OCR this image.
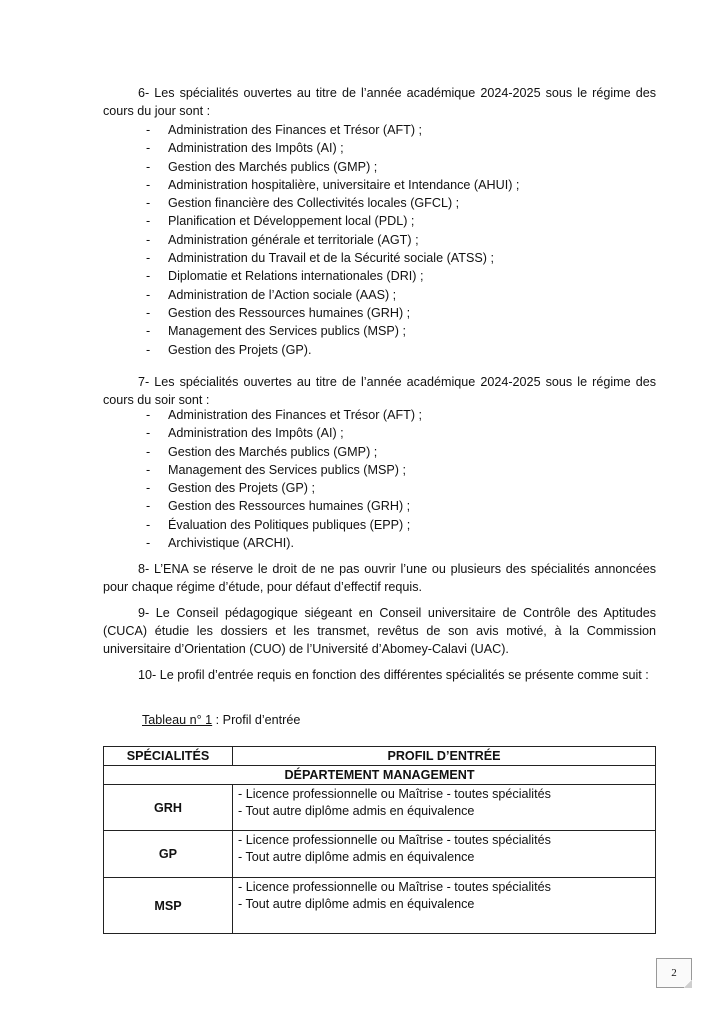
6- Les spécialités ouvertes au titre de l’année académique 2024-2025 sous le régime des cours du jour sont :

- Administration des Finances et Trésor (AFT) ;
- Administration des Impôts (AI) ;
- Gestion des Marchés publics (GMP) ;
- Administration hospitalière, universitaire et Intendance (AHUI) ;
- Gestion financière des Collectivités locales (GFCL) ;
- Planification et Développement local (PDL) ;
- Administration générale et territoriale (AGT) ;
- Administration du Travail et de la Sécurité sociale (ATSS) ;
- Diplomatie et Relations internationales (DRI) ;
- Administration de l’Action sociale (AAS) ;
- Gestion des Ressources humaines (GRH) ;
- Management des Services publics (MSP) ;
- Gestion des Projets (GP).

7- Les spécialités ouvertes au titre de l’année académique 2024-2025 sous le régime des cours du soir sont :

- Administration des Finances et Trésor (AFT) ;
- Administration des Impôts (AI) ;
- Gestion des Marchés publics (GMP) ;
- Management des Services publics (MSP) ;
- Gestion des Projets (GP) ;
- Gestion des Ressources humaines (GRH) ;
- Évaluation des Politiques publiques (EPP) ;
- Archivistique (ARCHI).

8- L’ENA se réserve le droit de ne pas ouvrir l’une ou plusieurs des spécialités annoncées pour chaque régime d’étude, pour défaut d’effectif requis.

9- Le Conseil pédagogique siégeant en Conseil universitaire de Contrôle des Aptitudes (CUCA) étudie les dossiers et les transmet, revêtus de son avis motivé, à la Commission universitaire d’Orientation (CUO) de l’Université d’Abomey-Calavi (UAC).

10- Le profil d’entrée requis en fonction des différentes spécialités se présente comme suit :

Tableau n° 1 : Profil d’entrée
SPÉCIALITÉS	PROFIL D’ENTRÉE
DÉPARTEMENT MANAGEMENT	
GRH	- Licence professionnelle ou Maîtrise - toutes spécialités
- Tout autre diplôme admis en équivalence

GP	- Licence professionnelle ou Maîtrise - toutes spécialités
- Tout autre diplôme admis en équivalence

MSP	- Licence professionnelle ou Maîtrise - toutes spécialités
- Tout autre diplôme admis en équivalence
2
